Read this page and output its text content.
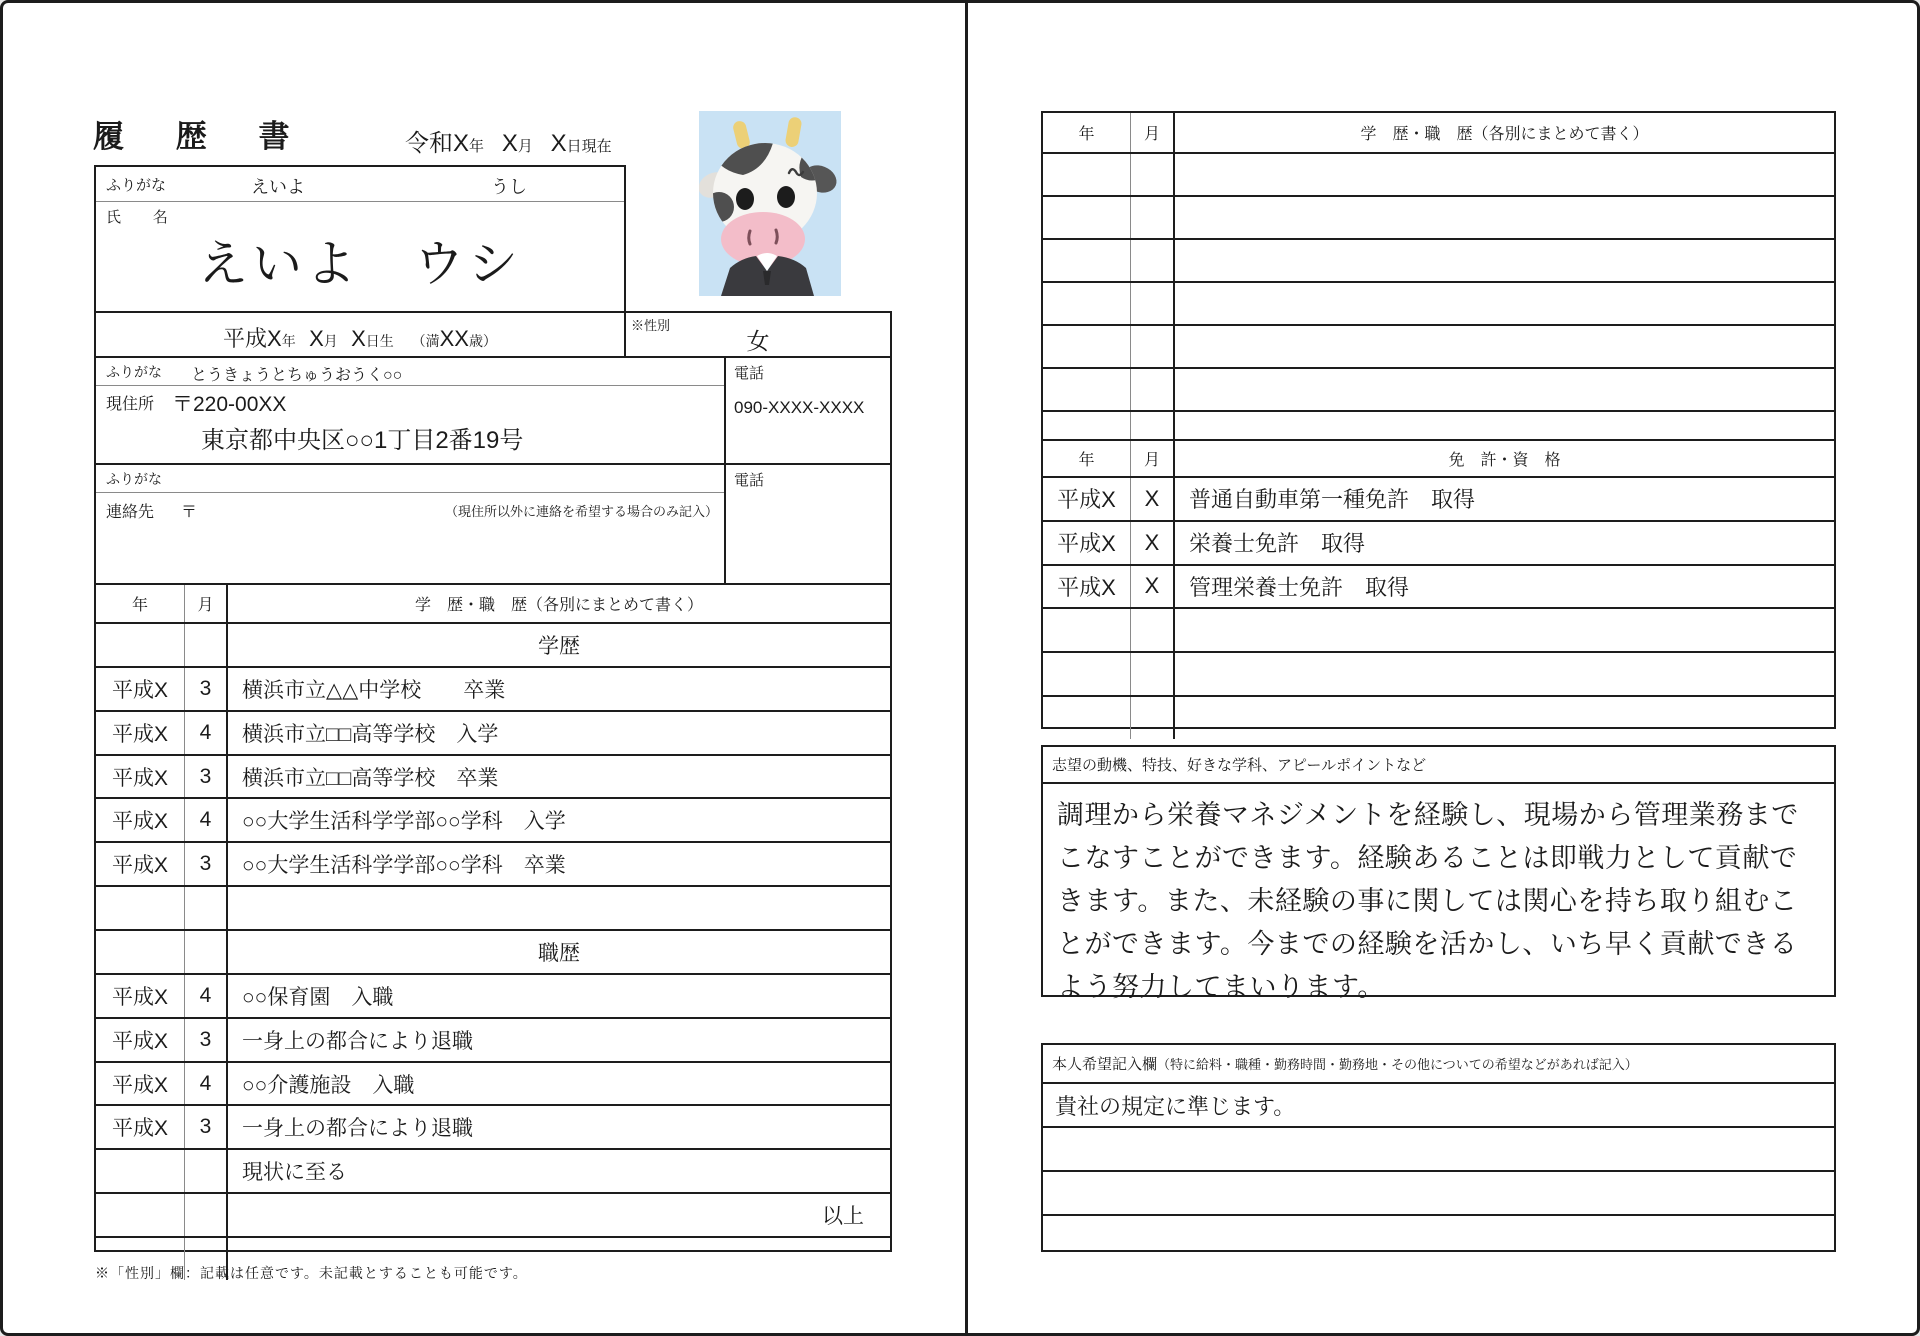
履 歴 書	令和X 年
X 月
X 日現在
ふりがな	えいよ	うし
氏 名
えいよ　ウシ
平成X 年
X 月
X 日生
（満 XX 歳）
※性別
女
ふりがな とうきょうとちゅうおうく○○
現住所 〒220-00XX
東京都中央区○○1丁目2番19号
電話
090-XXXX-XXXX
ふりがな
連絡先 〒	（現住所以外に連絡を希望する場合のみ記入）
電話
年	月	学　歴・職　歴（各別にまとめて書く）
学歴
平成X	3	横浜市立△△中学校　　卒業
平成X	4	横浜市立□□高等学校　入学
平成X	3	横浜市立□□高等学校　卒業
平成X	4	○○大学生活科学学部○○学科　入学
平成X	3	○○大学生活科学学部○○学科　卒業
職歴
平成X	4	○○保育園　入職
平成X	3	一身上の都合により退職
平成X	4	○○介護施設　入職
平成X	3	一身上の都合により退職
現状に至る
以上
※「性別」欄：記載は任意です。未記載とすることも可能です。
年	月	学　歴・職　歴（各別にまとめて書く）
年	月	免　許・資　格
平成X	X	普通自動車第一種免許　取得
平成X	X	栄養士免許　取得
平成X	X	管理栄養士免許　取得
志望の動機、特技、好きな学科、アピールポイントなど
調理から栄養マネジメントを経験し、現場から管理業務までこなすことができます。経験あることは即戦力として貢献できます。また、未経験の事に関しては関心を持ち取り組むことができます。今までの経験を活かし、いち早く貢献できるよう努力してまいります。
本人希望記入欄 （特に給料・職種・勤務時間・勤務地・その他についての希望などがあれば記入）
貴社の規定に準じます。
